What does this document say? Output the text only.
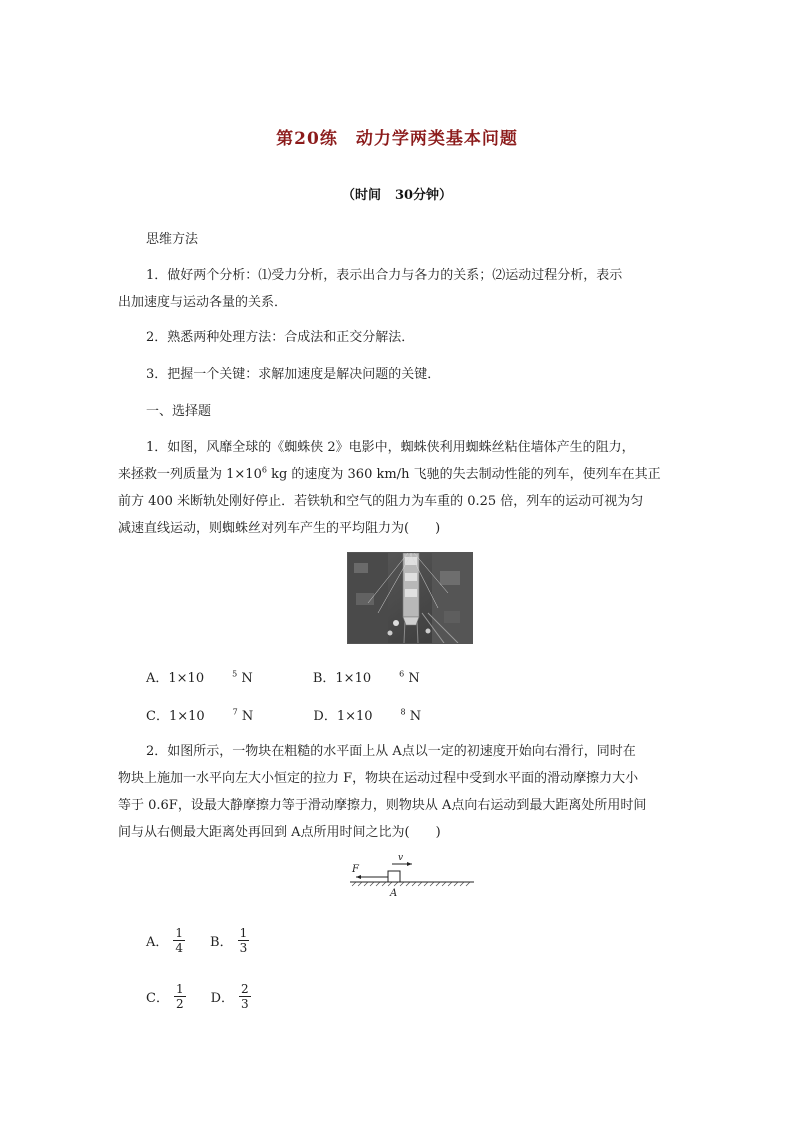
第20练 动力学两类基本问题
（时间 30分钟）

思维方法

1．做好两个分析：⑴受力分析，表示出合力与各力的关系；⑵运动过程分析，表示
出加速度与运动各量的关系．

2．熟悉两种处理方法：合成法和正交分解法．

3．把握一个关键：求解加速度是解决问题的关键．

一、选择题

1．如图，风靡全球的《蜘蛛侠 2》电影中，蜘蛛侠利用蜘蛛丝粘住墙体产生的阻力，
来拯救一列质量为 $1\times 10^6$ kg 的速度为 360 km/h 飞驰的失去制动性能的列车，使列车在其正
前方 400 米断轨处刚好停止．若铁轨和空气的阻力为车重的 0.25 倍，列车的运动可视为匀
减速直线运动，则蜘蛛丝对列车产生的平均阻力为(　　)
A．1×10	$^5$ N	B．1×10	$^6$ N
C．1×10	$^7$ N	D．1×10	$^8$ N
2．如图所示，一物块在粗糙的水平面上从 A点以一定的初速度开始向右滑行，同时在
物块上施加一水平向左大小恒定的拉力 F，物块在运动过程中受到水平面的滑动摩擦力大小
等于 0.6F，设最大静摩擦力等于滑动摩擦力，则物块从 A点向右运动到最大距离处所用时间
间与从右侧最大距离处再回到 A点所用时间之比为(　　)
F
v
A
A． $\frac{1}{4}$ B． $\frac{1}{3}$
C． $\frac{1}{2}$ D． $\frac{2}{3}$
